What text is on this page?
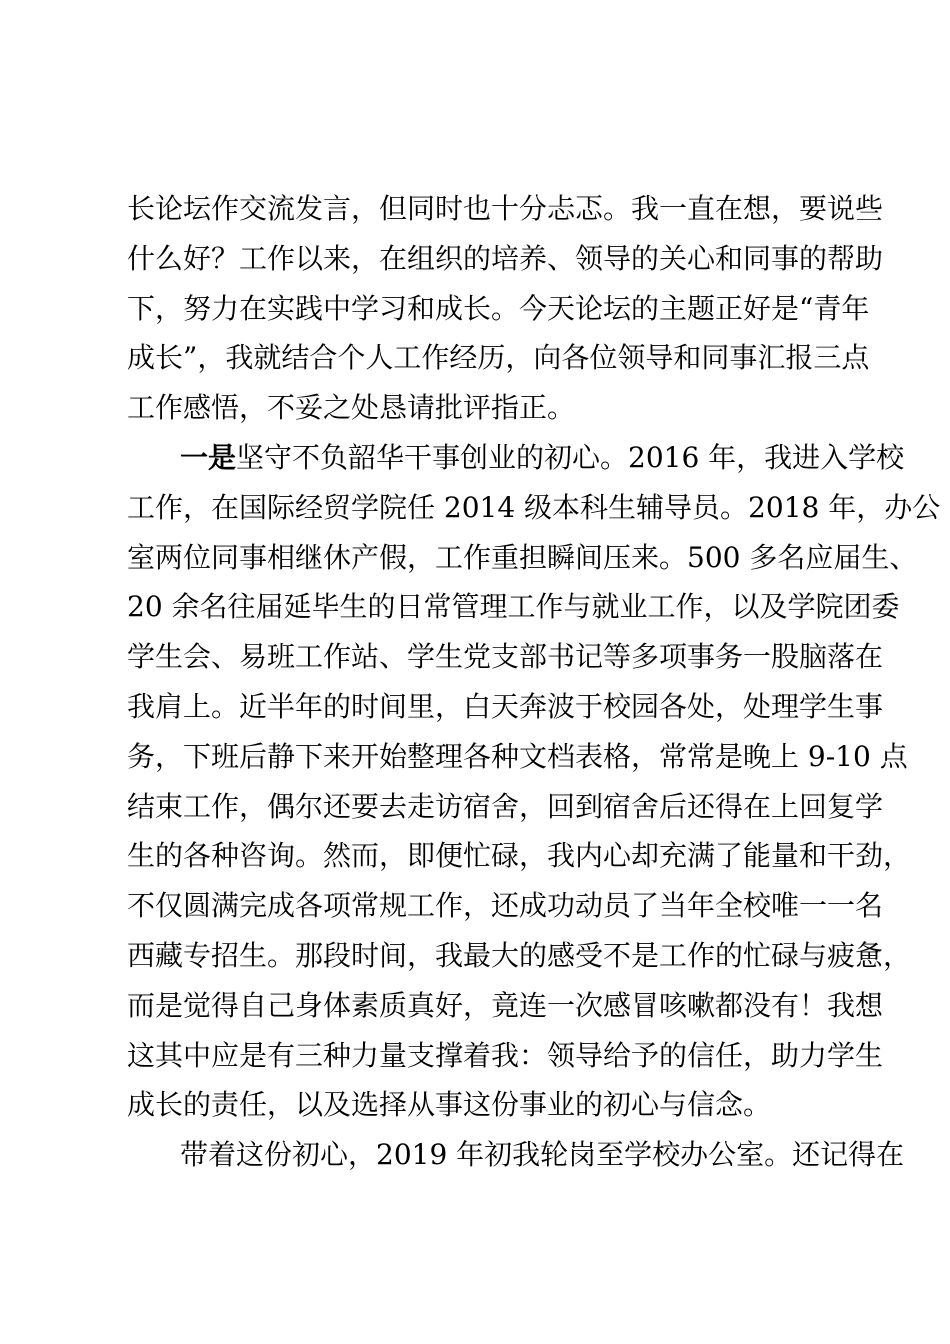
长论坛作交流发言，但同时也十分忐忑。我一直在想，要说些
什么好？工作以来，在组织的培养、领导的关心和同事的帮助
下，努力在实践中学习和成长。今天论坛的主题正好是“青年
成长”，我就结合个人工作经历，向各位领导和同事汇报三点
工作感悟，不妥之处恳请批评指正。
一是坚守不负韶华干事创业的初心。2016 年，我进入学校
工作，在国际经贸学院任 2014 级本科生辅导员。2018 年，办公
室两位同事相继休产假，工作重担瞬间压来。500 多名应届生、
20 余名往届延毕生的日常管理工作与就业工作，以及学院团委
学生会、易班工作站、学生党支部书记等多项事务一股脑落在
我肩上。近半年的时间里，白天奔波于校园各处，处理学生事
务，下班后静下来开始整理各种文档表格，常常是晚上 9-10 点
结束工作，偶尔还要去走访宿舍，回到宿舍后还得在上回复学
生的各种咨询。然而，即便忙碌，我内心却充满了能量和干劲，
不仅圆满完成各项常规工作，还成功动员了当年全校唯一一名
西藏专招生。那段时间，我最大的感受不是工作的忙碌与疲惫，
而是觉得自己身体素质真好，竟连一次感冒咳嗽都没有！我想
这其中应是有三种力量支撑着我：领导给予的信任，助力学生
成长的责任，以及选择从事这份事业的初心与信念。
带着这份初心，2019 年初我轮岗至学校办公室。还记得在
